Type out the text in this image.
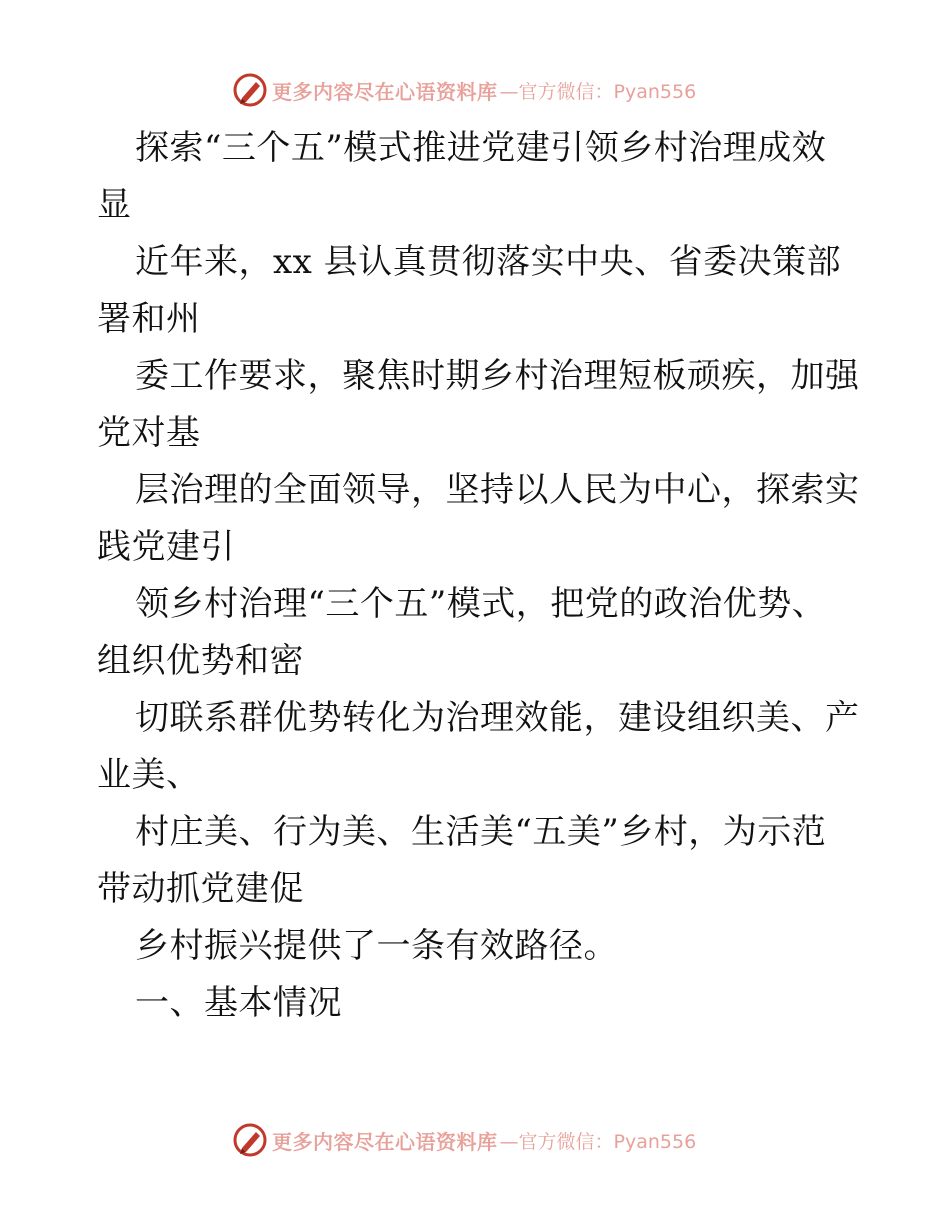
更多内容尽在心语资料库 —官方微信：Pyan556
探索“三个五”模式推进党建引领乡村治理成效
显
近年来，xx 县认真贯彻落实中央、省委决策部
署和州
委工作要求，聚焦时期乡村治理短板顽疾，加强
党对基
层治理的全面领导，坚持以人民为中心，探索实
践党建引
领乡村治理“三个五”模式，把党的政治优势、
组织优势和密
切联系群优势转化为治理效能，建设组织美、产
业美、
村庄美、行为美、生活美“五美”乡村，为示范
带动抓党建促
乡村振兴提供了一条有效路径。
一、基本情况
更多内容尽在心语资料库 —官方微信：Pyan556
